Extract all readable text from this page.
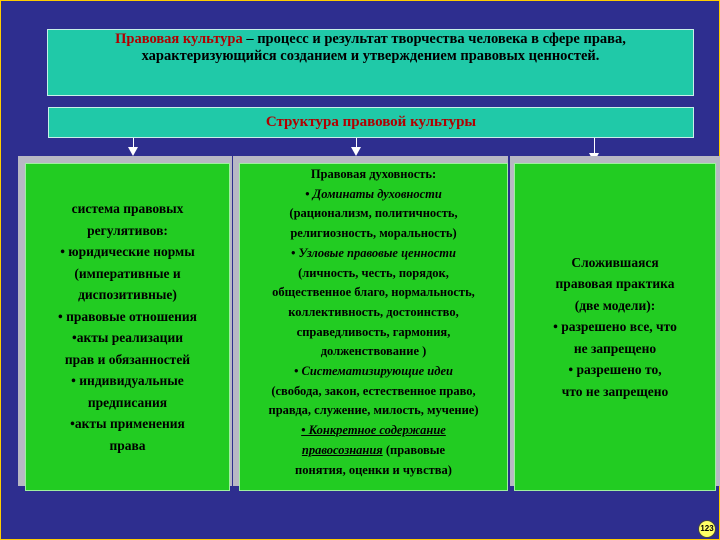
Правовая культура – процесс и результат творчества человека в сфере права, характеризующийся созданием и утверждением правовых ценностей.
Структура правовой культуры
система правовых
регулятивов:
• юридические нормы
(императивные и
диспозитивные)
• правовые отношения
•акты реализации
прав и обязанностей
• индивидуальные
предписания
•акты применения
права
Правовая духовность:
• Доминаты духовности
(рационализм, политичность,
религиозность, моральность)
• Узловые правовые ценности
(личность, честь, порядок,
общественное благо, нормальность,
коллективность, достоинство,
справедливость, гармония,
долженствование )
• Систематизирующие идеи
(свобода, закон, естественное право,
правда, служение, милость, мучение)
• Конкретное содержание
правосознания (правовые
понятия, оценки и чувства)
Сложившаяся
правовая практика
(две модели):
• разрешено все, что
не запрещено
• разрешено то,
что не запрещено
123
